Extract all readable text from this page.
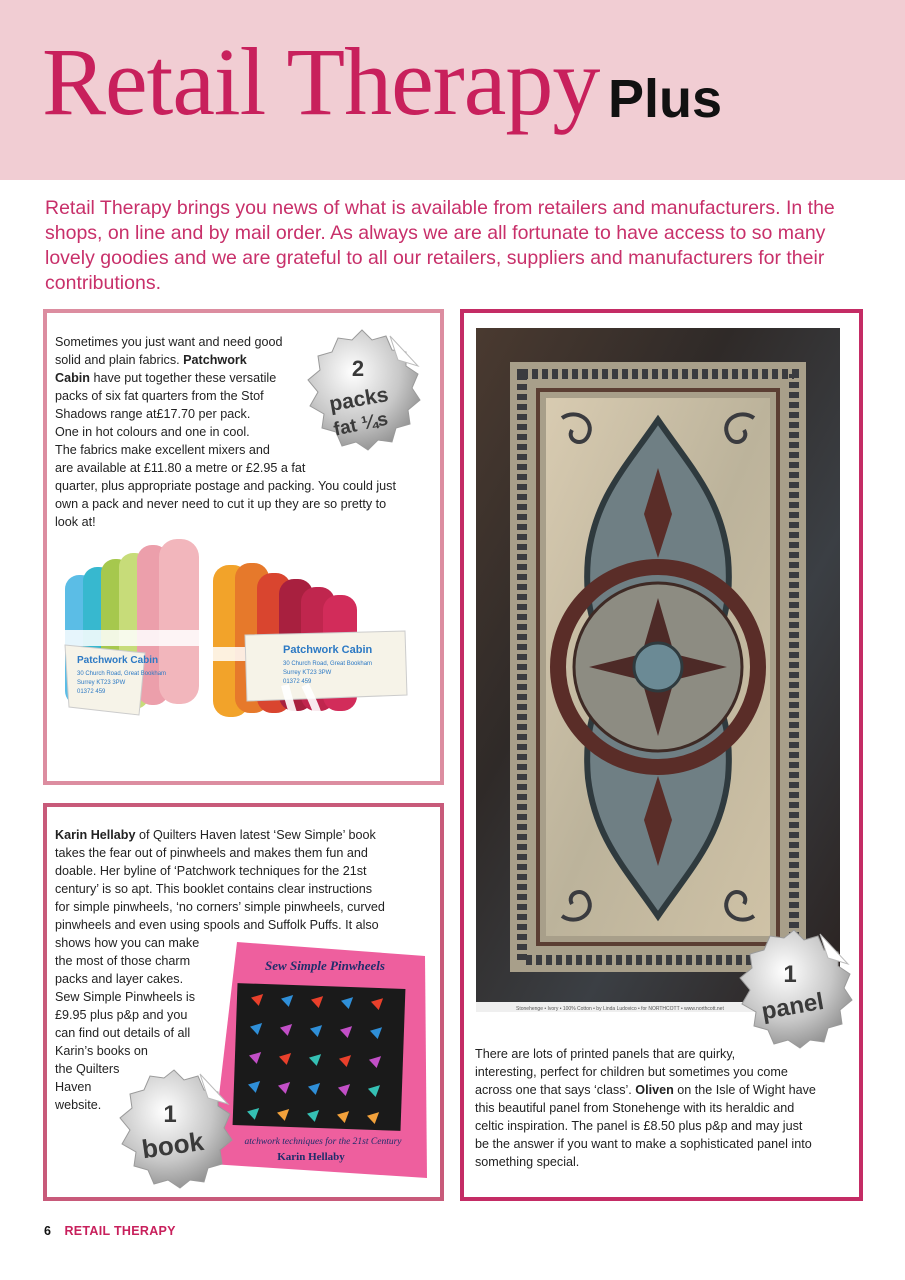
Retail Therapy Plus
Retail Therapy brings you news of what is available from retailers and manufacturers. In the shops, on line and by mail order. As always we are all fortunate to have access to so many lovely goodies and we are grateful to all our retailers, suppliers and manufacturers for their contributions.
Sometimes you just want and need good
solid and plain fabrics. Patchwork
Cabin have put together these versatile
packs of six fat quarters from the Stof
Shadows range at£17.70 per pack.
One in hot colours and one in cool.
The fabrics make excellent mixers and
are available at £11.80 a metre or £2.95 a fat
quarter, plus appropriate postage and packing. You could just
own a pack and never need to cut it up they are so pretty to
look at!
2
packs
fat ¼s
Patchwork Cabin
30 Church Road, Great Bookham
Surrey KT23 3PW
01372 459
Patchwork Cabin
30 Church Road, Great Bookham
Surrey KT23 3PW
01372 459
Karin Hellaby of Quilters Haven latest ‘Sew Simple’ book
takes the fear out of pinwheels and makes them fun and
doable. Her byline of ‘Patchwork techniques for the 21st
century’ is so apt. This booklet contains clear instructions
for simple pinwheels, ‘no corners’ simple pinwheels, curved
pinwheels and even using spools and Suffolk Puffs. It also
shows how you can make
the most of those charm
packs and layer cakes.
Sew Simple Pinwheels is
£9.95 plus p&p and you
can find out details of all
Karin’s books on
the Quilters
Haven
website.
Sew Simple Pinwheels
atchwork techniques for the 21st Century
Karin Hellaby
1
book
Stonehenge • Ivory • 100% Cotton • by Linda Ludovico • for NORTHCOTT • www.northcott.net
1
panel
There are lots of printed panels that are quirky,
interesting, perfect for children but sometimes you come
across one that says ‘class’. Oliven on the Isle of Wight have
this beautiful panel from Stonehenge with its heraldic and
celtic inspiration. The panel is £8.50 plus p&p and may just
be the answer if you want to make a sophisticated panel into
something special.
6 RETAIL THERAPY
